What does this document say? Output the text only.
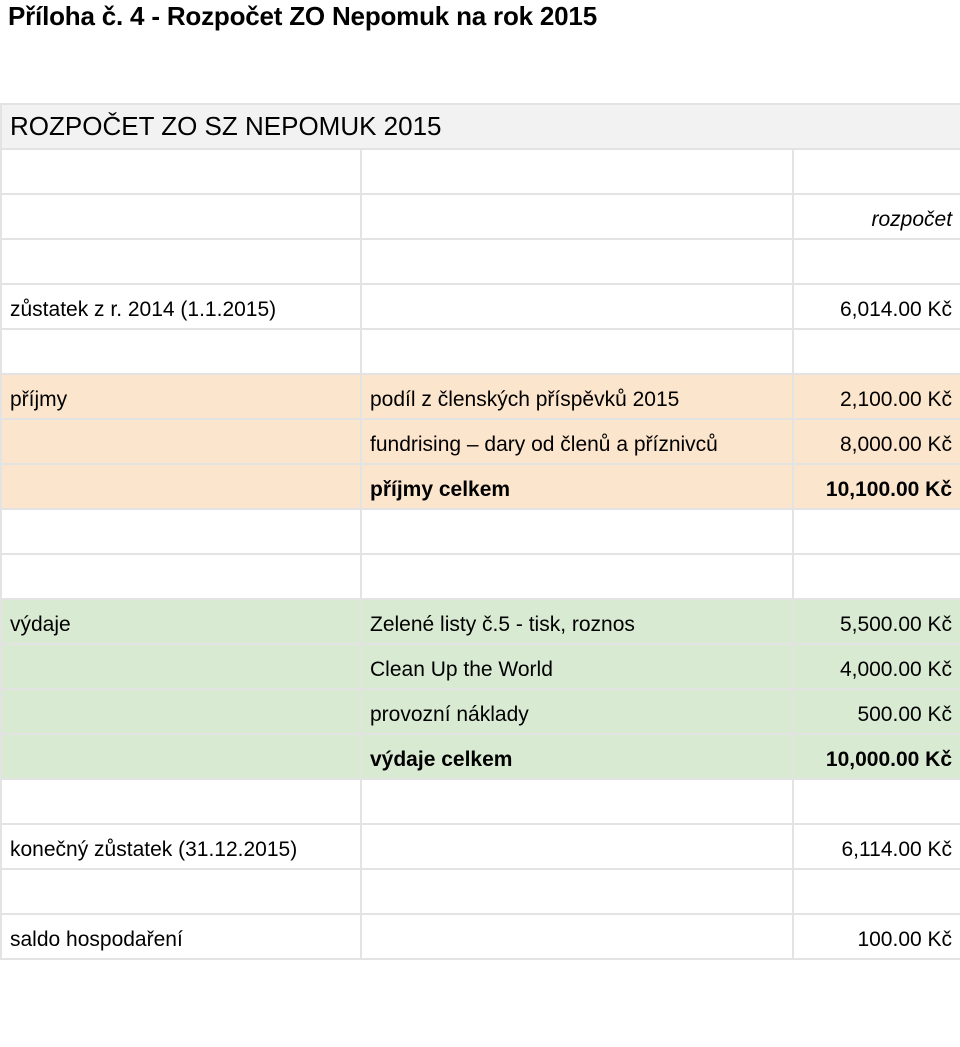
Příloha č. 4 - Rozpočet ZO Nepomuk na rok 2015
ROZPOČET ZO SZ NEPOMUK 2015		

		rozpočet

zůstatek z r. 2014 (1.1.2015)		6,014.00 Kč

příjmy	podíl z členských příspěvků 2015	2,100.00 Kč
	fundrising – dary od členů a příznivců	8,000.00 Kč
	příjmy celkem	10,100.00 Kč

výdaje	Zelené listy č.5 - tisk, roznos	5,500.00 Kč
	Clean Up the World	4,000.00 Kč
	provozní náklady	500.00 Kč
	výdaje celkem	10,000.00 Kč

konečný zůstatek (31.12.2015)		6,114.00 Kč

saldo hospodaření		100.00 Kč
